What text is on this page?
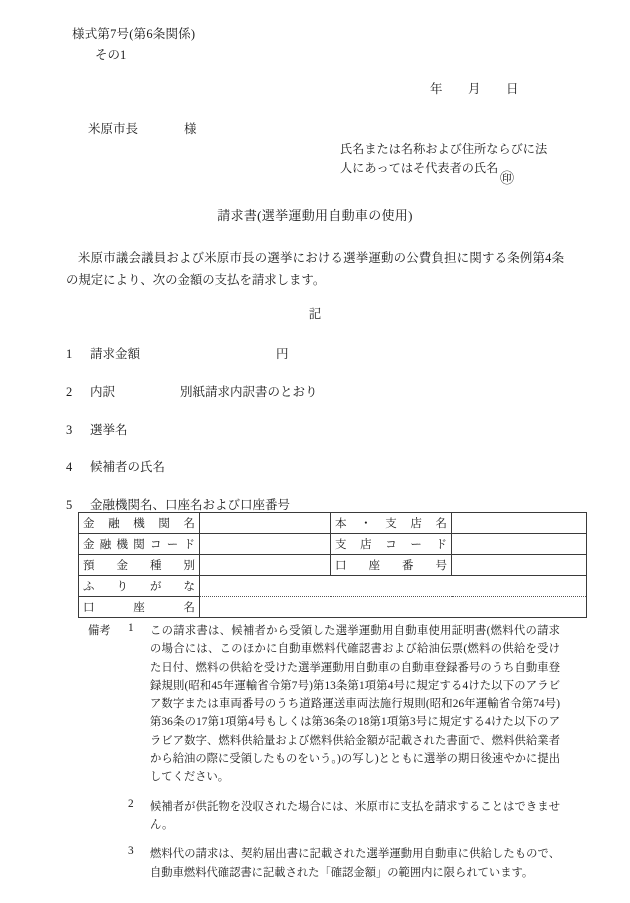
様式第7号(第6条関係)
その1
年 月 日
米原市長	様
氏名または名称および住所ならびに法人にあってはそ代表者の氏名
㊞
請求書(選挙運動用自動車の使用)
米原市議会議員および米原市長の選挙における選挙運動の公費負担に関する条例第4条の規定により、次の金額の支払を請求します。
記
1 請求金額	円
2 内訳	別紙請求内訳書のとおり
3 選挙名
4 候補者の氏名
5 金融機関名、口座名および口座番号
金融機関名		本・支店名	

金融機関コード		支店コード	

預金種別		口座番号	

ふりがな			

口座名			

備考	1	この請求書は、候補者から受領した選挙運動用自動車使用証明書(燃料代の請求の場合には、このほかに自動車燃料代確認書および給油伝票(燃料の供給を受けた日付、燃料の供給を受けた選挙運動用自動車の自動車登録番号のうち自動車登録規則(昭和45年運輸省令第7号)第13条第1項第4号に規定する4けた以下のアラビア数字または車両番号のうち道路運送車両法施行規則(昭和26年運輸省令第74号)第36条の17第1項第4号もしくは第36条の18第1項第3号に規定する4けた以下のアラビア数字、燃料供給量および燃料供給金額が記載された書面で、燃料供給業者から給油の際に受領したものをいう。)の写し)とともに選挙の期日後速やかに提出してください。
2	候補者が供託物を没収された場合には、米原市に支払を請求することはできません。
3	燃料代の請求は、契約届出書に記載された選挙運動用自動車に供給したもので、自動車燃料代確認書に記載された「確認金額」の範囲内に限られています。
